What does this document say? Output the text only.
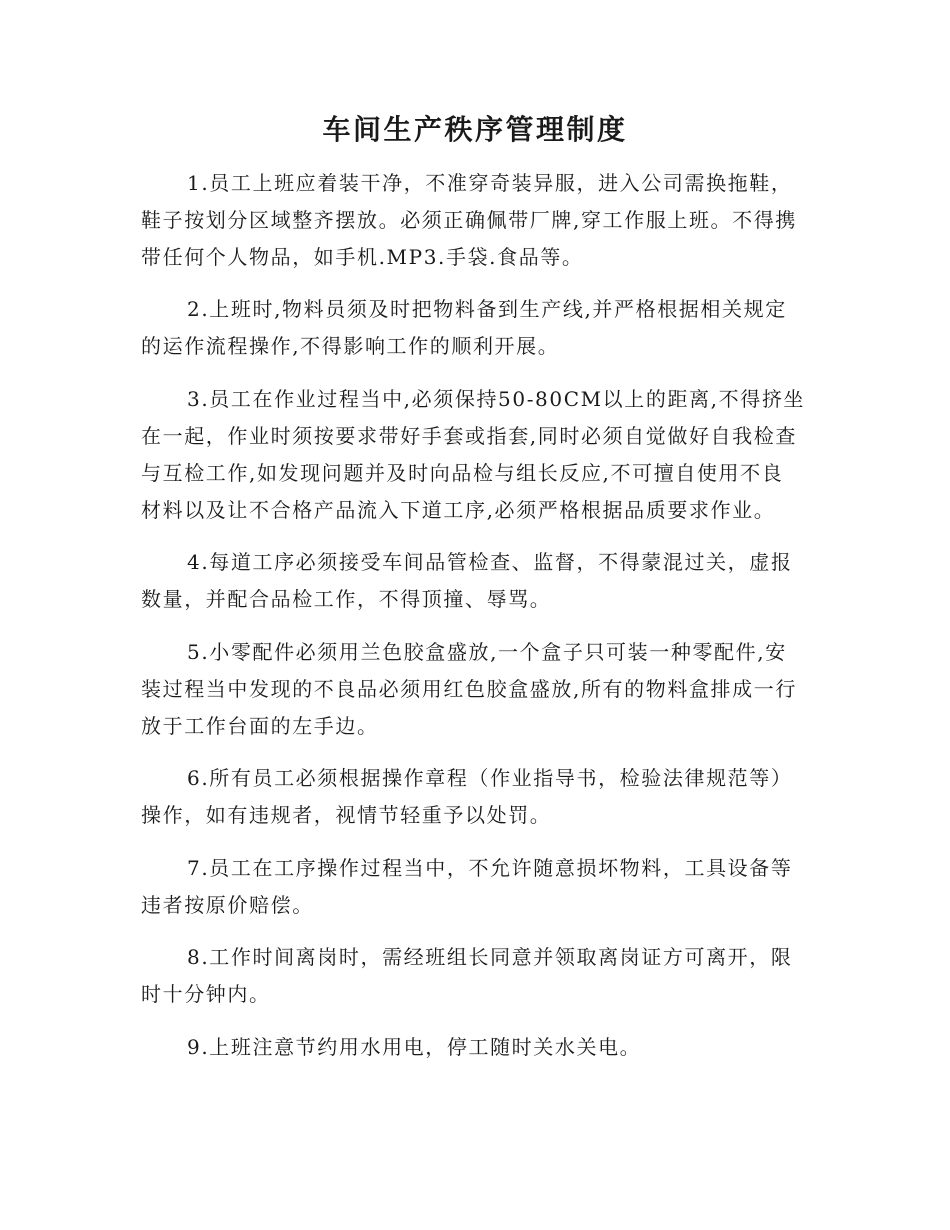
车间生产秩序管理制度
1.员工上班应着装干净，不准穿奇装异服，进入公司需换拖鞋，
鞋子按划分区域整齐摆放。必须正确佩带厂牌,穿工作服上班。不得携
带任何个人物品，如手机.MP3.手袋.食品等。
2.上班时,物料员须及时把物料备到生产线,并严格根据相关规定
的运作流程操作,不得影响工作的顺利开展。
3.员工在作业过程当中,必须保持50-80CM以上的距离,不得挤坐
在一起，作业时须按要求带好手套或指套,同时必须自觉做好自我检查
与互检工作,如发现问题并及时向品检与组长反应,不可擅自使用不良
材料以及让不合格产品流入下道工序,必须严格根据品质要求作业。
4.每道工序必须接受车间品管检查、监督，不得蒙混过关，虚报
数量，并配合品检工作，不得顶撞、辱骂。
5.小零配件必须用兰色胶盒盛放,一个盒子只可装一种零配件,安
装过程当中发现的不良品必须用红色胶盒盛放,所有的物料盒排成一行
放于工作台面的左手边。
6.所有员工必须根据操作章程（作业指导书，检验法律规范等）
操作，如有违规者，视情节轻重予以处罚。
7.员工在工序操作过程当中，不允许随意损坏物料，工具设备等
违者按原价赔偿。
8.工作时间离岗时，需经班组长同意并领取离岗证方可离开，限
时十分钟内。
9.上班注意节约用水用电，停工随时关水关电。
